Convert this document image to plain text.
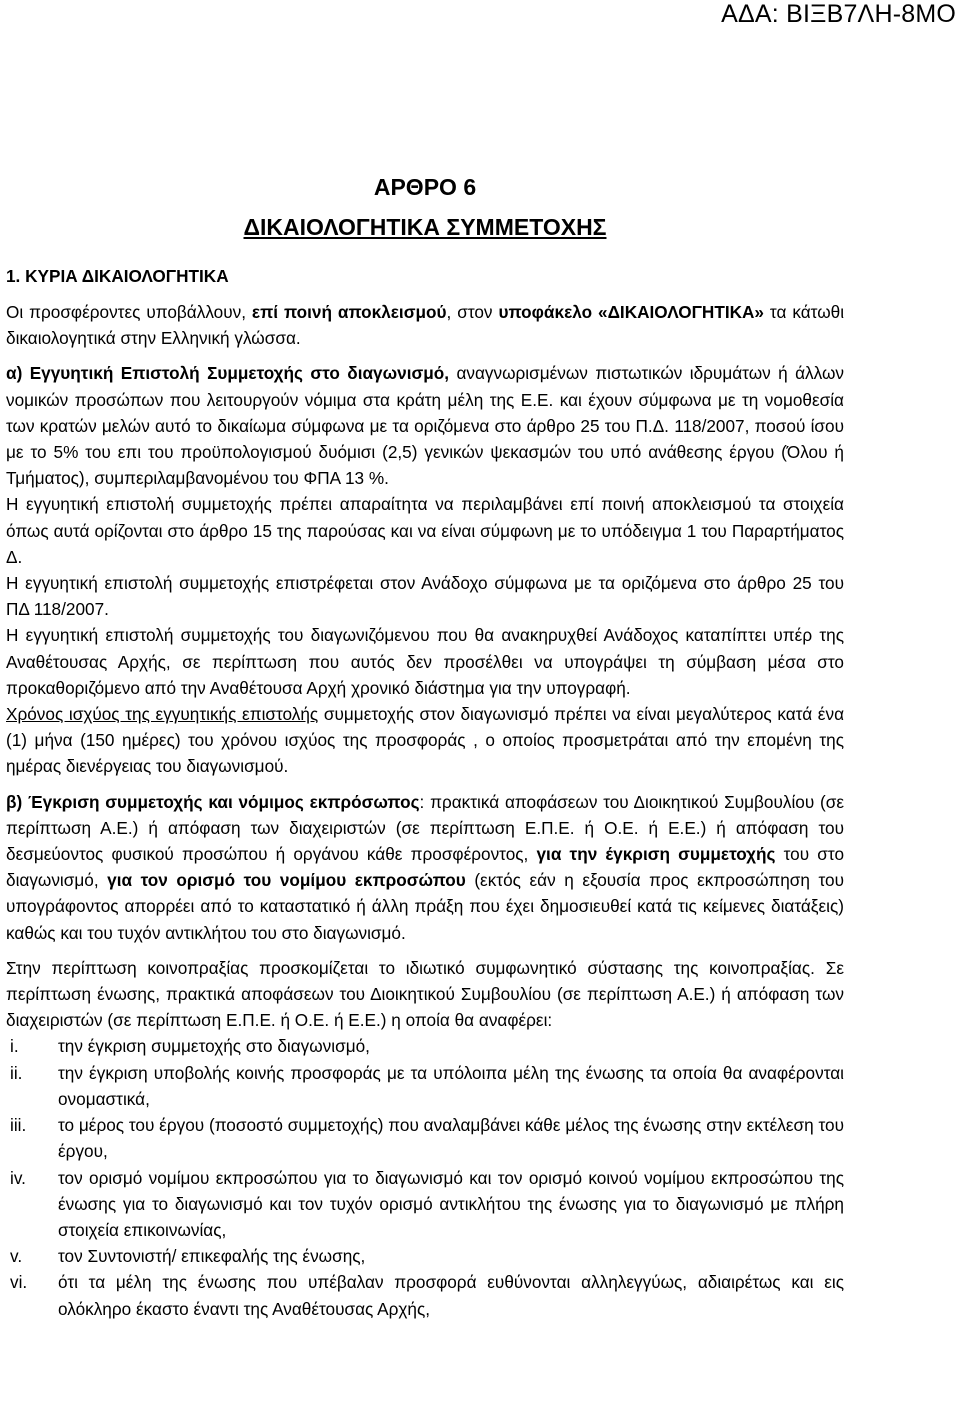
ΑΔΑ: ΒΙΞΒ7ΛΗ-8ΜΟ
ΑΡΘΡΟ 6
ΔΙΚΑΙΟΛΟΓΗΤΙΚΑ ΣΥΜΜΕΤΟΧΗΣ
1. ΚΥΡΙΑ ΔΙΚΑΙΟΛΟΓΗΤΙΚΑ

Οι προσφέροντες υποβάλλουν, επί ποινή αποκλεισμού, στον υποφάκελο «ΔΙΚΑΙΟΛΟΓΗΤΙΚΑ» τα κάτωθι δικαιολογητικά στην Ελληνική γλώσσα.

α) Εγγυητική Επιστολή Συμμετοχής στο διαγωνισμό, αναγνωρισμένων πιστωτικών ιδρυμάτων ή άλλων νομικών προσώπων που λειτουργούν νόμιμα στα κράτη μέλη της Ε.Ε. και έχουν σύμφωνα με τη νομοθεσία των κρατών μελών αυτό το δικαίωμα σύμφωνα με τα οριζόμενα στο άρθρο 25 του Π.Δ. 118/2007, ποσού ίσου με το 5% του επι του προϋπολογισμού δυόμισι (2,5) γενικών ψεκασμών του υπό ανάθεσης έργου (Όλου ή Τμήματος), συμπεριλαμβανομένου του ΦΠΑ 13 %.

Η εγγυητική επιστολή συμμετοχής πρέπει απαραίτητα να περιλαμβάνει επί ποινή αποκλεισμού τα στοιχεία όπως αυτά ορίζονται στο άρθρο 15 της παρούσας και να είναι σύμφωνη με το υπόδειγμα 1 του Παραρτήματος Δ.

Η εγγυητική επιστολή συμμετοχής επιστρέφεται στον Ανάδοχο σύμφωνα με τα οριζόμενα στο άρθρο 25 του ΠΔ 118/2007.

Η εγγυητική επιστολή συμμετοχής του διαγωνιζόμενου που θα ανακηρυχθεί Ανάδοχος καταπίπτει υπέρ της Αναθέτουσας Αρχής, σε περίπτωση που αυτός δεν προσέλθει να υπογράψει τη σύμβαση μέσα στο προκαθοριζόμενο από την Αναθέτουσα Αρχή χρονικό διάστημα για την υπογραφή.

Χρόνος ισχύος της εγγυητικής επιστολής συμμετοχής στον διαγωνισμό πρέπει να είναι μεγαλύτερος κατά ένα (1) μήνα (150 ημέρες) του χρόνου ισχύος της προσφοράς , ο οποίος προσμετράται από την επομένη της ημέρας διενέργειας του διαγωνισμού.

β) Έγκριση συμμετοχής και νόμιμος εκπρόσωπος: πρακτικά αποφάσεων του Διοικητικού Συμβουλίου (σε περίπτωση Α.Ε.) ή απόφαση των διαχειριστών (σε περίπτωση Ε.Π.Ε. ή Ο.Ε. ή Ε.Ε.) ή απόφαση του δεσμεύοντος φυσικού προσώπου ή οργάνου κάθε προσφέροντος, για την έγκριση συμμετοχής του στο διαγωνισμό, για τον ορισμό του νομίμου εκπροσώπου (εκτός εάν η εξουσία προς εκπροσώπηση του υπογράφοντος απορρέει από το καταστατικό ή άλλη πράξη που έχει δημοσιευθεί κατά τις κείμενες διατάξεις) καθώς και του τυχόν αντικλήτου του στο διαγωνισμό.

Στην περίπτωση κοινοπραξίας προσκομίζεται το ιδιωτικό συμφωνητικό σύστασης της κοινοπραξίας. Σε περίπτωση ένωσης, πρακτικά αποφάσεων του Διοικητικού Συμβουλίου (σε περίπτωση Α.Ε.) ή απόφαση των διαχειριστών (σε περίπτωση Ε.Π.Ε. ή Ο.Ε. ή Ε.Ε.) η οποία θα αναφέρει:

i.	την έγκριση συμμετοχής στο διαγωνισμό,
ii.	την έγκριση υποβολής κοινής προσφοράς με τα υπόλοιπα μέλη της ένωσης τα οποία θα αναφέρονται ονομαστικά,
iii.	το μέρος του έργου (ποσοστό συμμετοχής) που αναλαμβάνει κάθε μέλος της ένωσης στην εκτέλεση του έργου,
iv.	τον ορισμό νομίμου εκπροσώπου για το διαγωνισμό και τον ορισμό κοινού νομίμου εκπροσώπου της ένωσης για το διαγωνισμό και τον τυχόν ορισμό αντικλήτου της ένωσης για το διαγωνισμό με πλήρη στοιχεία επικοινωνίας,
v.	τον Συντονιστή/ επικεφαλής της ένωσης,
vi.	ότι τα μέλη της ένωσης που υπέβαλαν προσφορά ευθύνονται αλληλεγγύως, αδιαιρέτως και εις ολόκληρο έκαστο έναντι της Αναθέτουσας Αρχής,
